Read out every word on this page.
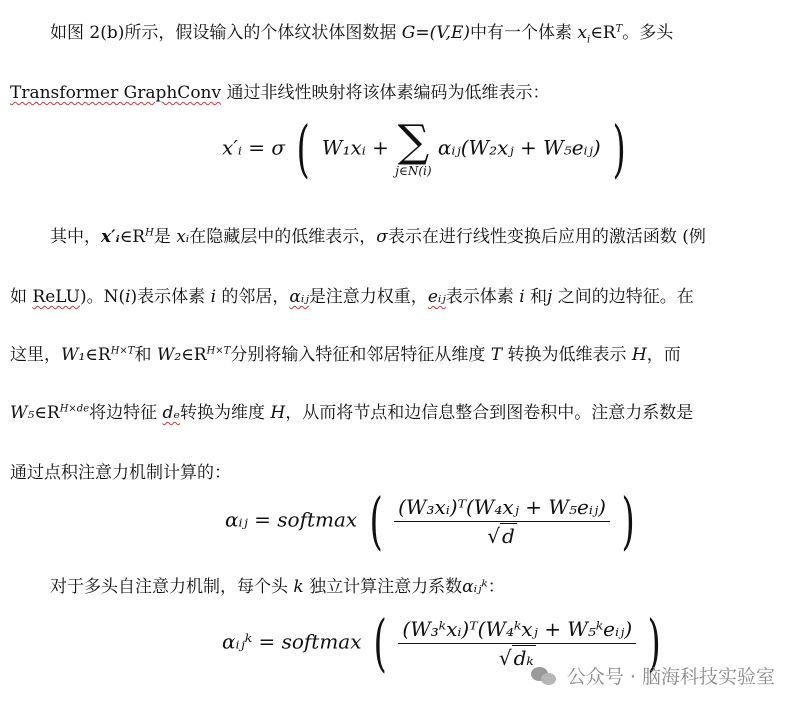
如图 2(b)所示，假设输入的个体纹状体图数据 G=(V,E)中有一个体素 $x_i\in R^T$。多头
Transformer GraphConv 通过非线性映射将该体素编码为低维表示：
x′ᵢ = σ ( W₁xᵢ + ∑
j∈N(i)
αᵢⱼ(W₂xⱼ + W₅eᵢⱼ) )
其中，$x'ᵢ\in R^H$是 xᵢ在隐藏层中的低维表示，σ表示在进行线性变换后应用的激活函数 (例
如 ReLU)。N(i)表示体素 i 的邻居，αᵢⱼ是注意力权重，eᵢⱼ表示体素 i 和j 之间的边特征。在
这里，$W_1\in R^{H\times T}$和 $W_2\in R^{H\times T}$分别将输入特征和邻居特征从维度 T 转换为低维表示 H，而
$W_5\in R^{H\times de}$将边特征 dₑ转换为维度 H，从而将节点和边信息整合到图卷积中。注意力系数是
通过点积注意力机制计算的：
αᵢⱼ = softmax ( $\frac{\text{(W₃xᵢ)ᵀ(W₄xⱼ + W₅eᵢⱼ)}}{√ d}$ )
对于多头自注意力机制，每个头 k 独立计算注意力系数αᵢⱼᵏ：
αᵢⱼᵏ = softmax ( $\frac{\text{(W₃ᵏxᵢ)ᵀ(W₄ᵏxⱼ + W₅ᵏeᵢⱼ)}}{\text{√ dₖ}}$ )
公众号 · 脑海科技实验室
